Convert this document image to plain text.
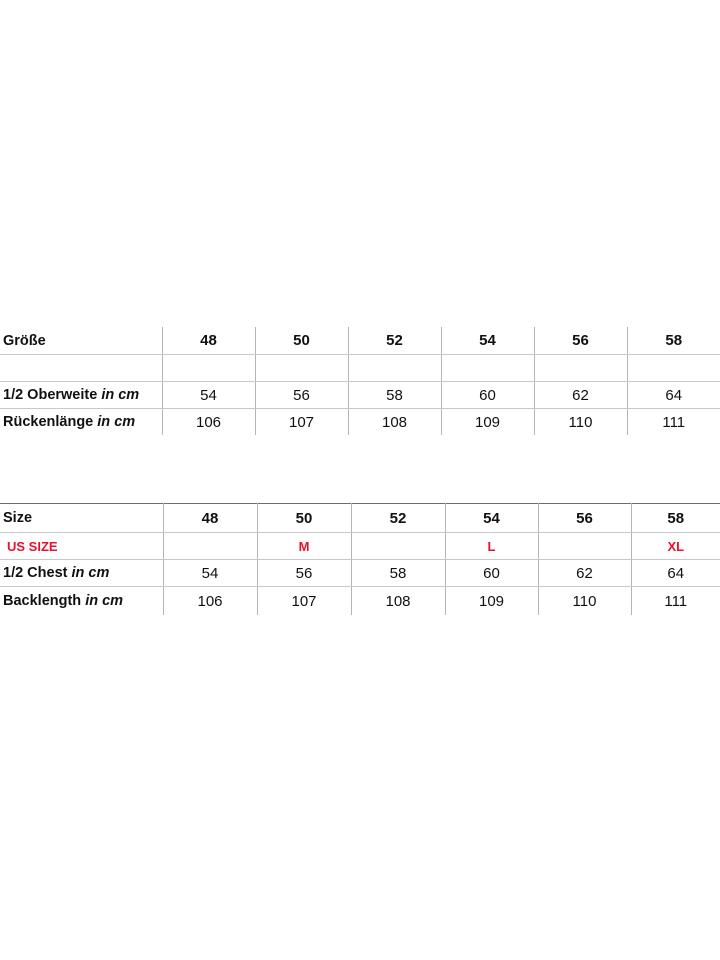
Größe	48	50	52	54	56	58

1/2 Oberweite in cm	54	56	58	60	62	64
Rückenlänge in cm	106	107	108	109	110	111
Size	48	50	52	54	56	58
US SIZE		M		L		XL
1/2 Chest in cm	54	56	58	60	62	64
Backlength in cm	106	107	108	109	110	111
